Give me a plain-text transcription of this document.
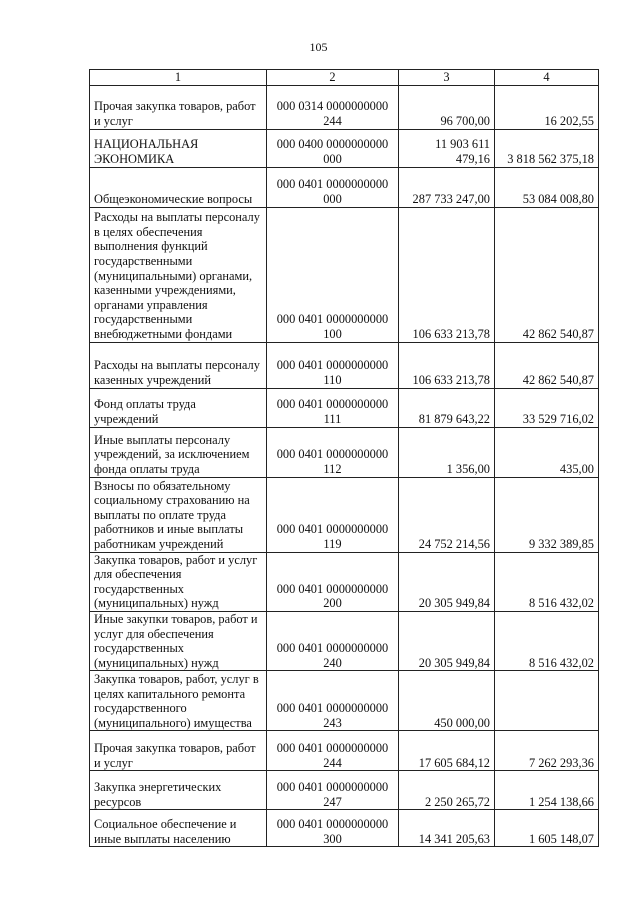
105
1	2	3	4
Прочая закупка товаров, работ и услуг	000 0314 0000000000 244	96 700,00	16 202,55
НАЦИОНАЛЬНАЯ ЭКОНОМИКА	000 0400 0000000000 000	11 903 611 479,16	3 818 562 375,18
Общеэкономические вопросы	000 0401 0000000000 000	287 733 247,00	53 084 008,80
Расходы на выплаты персоналу в целях обеспечения выполнения функций государственными (муниципальными) органами, казенными учреждениями, органами управления государственными внебюджетными фондами	000 0401 0000000000 100	106 633 213,78	42 862 540,87
Расходы на выплаты персоналу казенных учреждений	000 0401 0000000000 110	106 633 213,78	42 862 540,87
Фонд оплаты труда учреждений	000 0401 0000000000 111	81 879 643,22	33 529 716,02
Иные выплаты персоналу учреждений, за исключением фонда оплаты труда	000 0401 0000000000 112	1 356,00	435,00
Взносы по обязательному социальному страхованию на выплаты по оплате труда работников и иные выплаты работникам учреждений	000 0401 0000000000 119	24 752 214,56	9 332 389,85
Закупка товаров, работ и услуг для обеспечения государственных (муниципальных) нужд	000 0401 0000000000 200	20 305 949,84	8 516 432,02
Иные закупки товаров, работ и услуг для обеспечения государственных (муниципальных) нужд	000 0401 0000000000 240	20 305 949,84	8 516 432,02
Закупка товаров, работ, услуг в целях капитального ремонта государственного (муниципального) имущества	000 0401 0000000000 243	450 000,00	
Прочая закупка товаров, работ и услуг	000 0401 0000000000 244	17 605 684,12	7 262 293,36
Закупка энергетических ресурсов	000 0401 0000000000 247	2 250 265,72	1 254 138,66
Социальное обеспечение и иные выплаты населению	000 0401 0000000000 300	14 341 205,63	1 605 148,07
